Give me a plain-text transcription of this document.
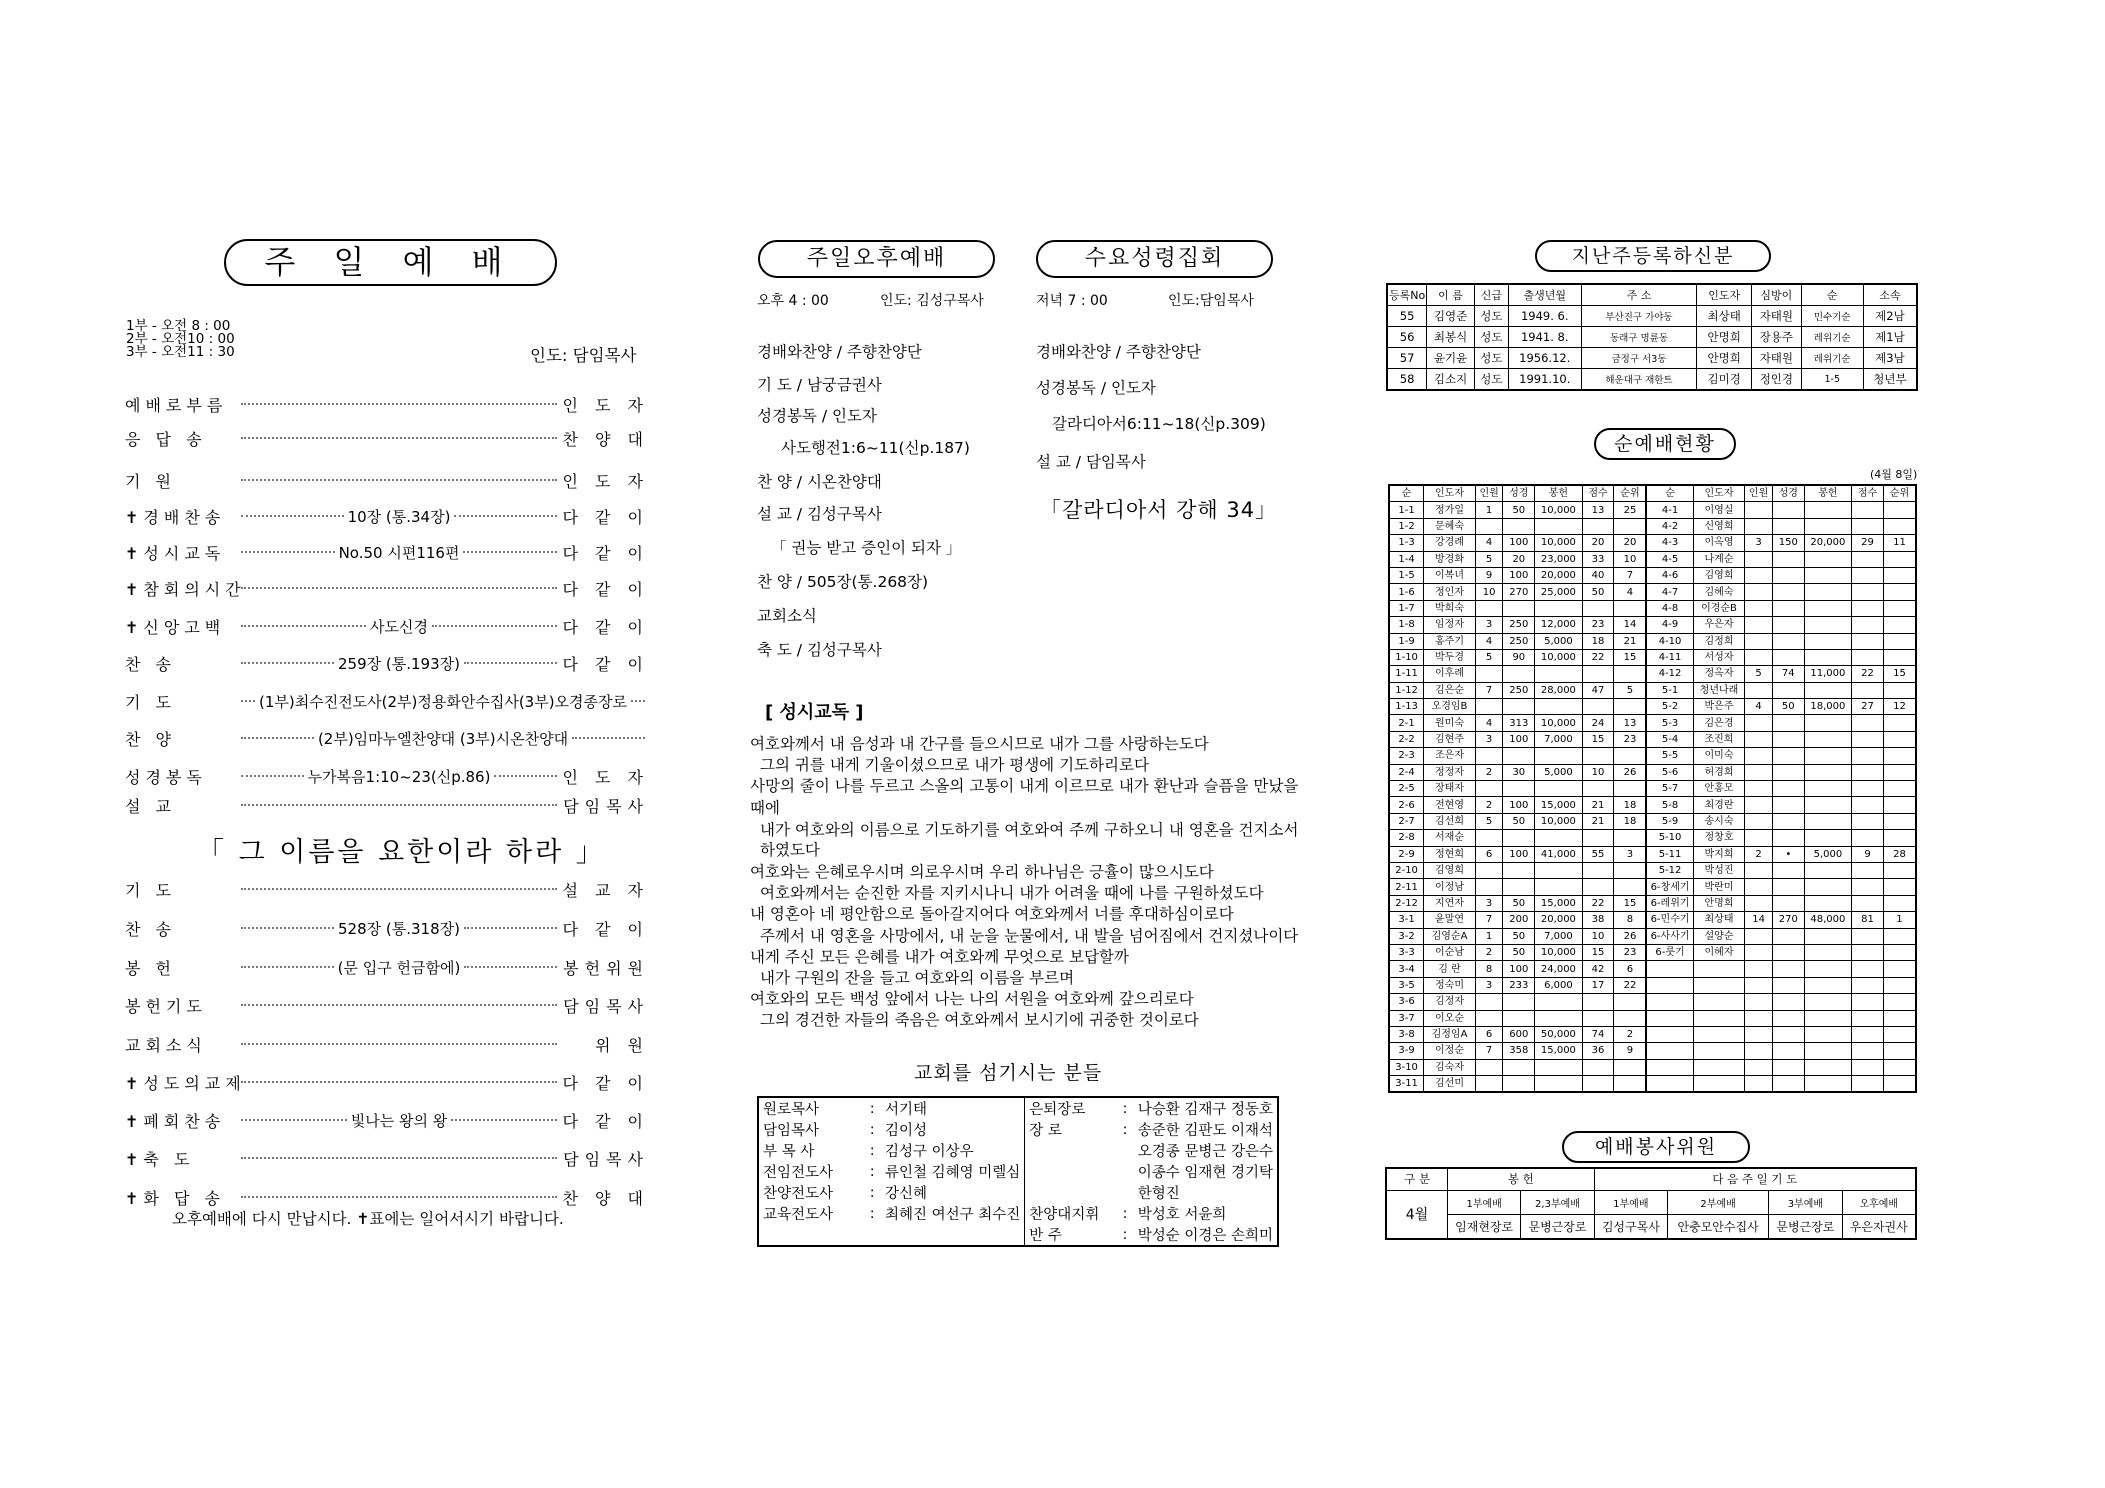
주 일 예 배
1부 - 오전 8 : 00
2부 - 오전10 : 00
3부 - 오전11 : 30	인도: 담임목사
예배로부름	인 도 자
응 답 송	찬 양 대
기 원	인 도 자
✝경배찬송	10장 (통.34장)	다 같 이
✝성시교독	No.50 시편116편	다 같 이
✝참회의시간	다 같 이
✝신앙고백	사도신경	다 같 이
찬 송	259장 (통.193장)	다 같 이
기 도	(1부)최수진전도사(2부)정용화안수집사(3부)오경종장로
찬 양	(2부)임마누엘찬양대 (3부)시온찬양대
성경봉독	누가복음1:10~23(신p.86)	인 도 자
설 교	담임목사
「 그 이름을 요한이라 하라 」
기 도	설 교 자
찬 송	528장 (통.318장)	다 같 이
봉 헌	(문 입구 헌금함에)	봉헌위원
봉헌기도	담임목사
교회소식	위 원
✝성도의교제	다 같 이
✝폐회찬송	빛나는 왕의 왕	다 같 이
✝축 도	담임목사
✝화 답 송	찬 양 대
오후예배에 다시 만납시다. ✝표에는 일어서시기 바랍니다.
주일오후예배	수요성령집회
오후 4 : 00	인도: 김성구목사	저녁 7 : 00	인도:담임목사
경배와찬양 / 주향찬양단
기 도 / 남궁금권사
성경봉독 / 인도자
사도행전1:6~11(신p.187)
찬 양 / 시온찬양대
설 교 / 김성구목사
「 권능 받고 증인이 되자 」
찬 양 / 505장(통.268장)
교회소식
축 도 / 김성구목사
경배와찬양 / 주향찬양단
성경봉독 / 인도자
갈라디아서6:11~18(신p.309)
설 교 / 담임목사
「갈라디아서 강해 34」
[ 성시교독 ]
여호와께서 내 음성과 내 간구를 들으시므로 내가 그를 사랑하는도다
그의 귀를 내게 기울이셨으므로 내가 평생에 기도하리로다
사망의 줄이 나를 두르고 스올의 고통이 내게 이르므로 내가 환난과 슬픔을 만났을
때에
내가 여호와의 이름으로 기도하기를 여호와여 주께 구하오니 내 영혼을 건지소서
하였도다
여호와는 은혜로우시며 의로우시며 우리 하나님은 긍휼이 많으시도다
여호와께서는 순진한 자를 지키시나니 내가 어려울 때에 나를 구원하셨도다
내 영혼아 네 평안함으로 돌아갈지어다 여호와께서 너를 후대하심이로다
주께서 내 영혼을 사망에서, 내 눈을 눈물에서, 내 발을 넘어짐에서 건지셨나이다
내게 주신 모든 은혜를 내가 여호와께 무엇으로 보답할까
내가 구원의 잔을 들고 여호와의 이름을 부르며
여호와의 모든 백성 앞에서 나는 나의 서원을 여호와께 갚으리로다
그의 경건한 자들의 죽음은 여호와께서 보시기에 귀중한 것이로다
교회를 섬기시는 분들
원로목사	:	서기태	은퇴장로	:	나승환 김재구 정동호
담임목사	:	김이성	장 로	:	송준한 김판도 이재석
부 목 사	:	김성구 이상우			오경종 문병근 강은수
전임전도사	:	류인철 김혜영 미렐심			이종수 임재현 경기탁
찬양전도사	:	강신혜			한형진
교육전도사	:	최혜진 여선구 최수진	찬양대지휘	:	박성호 서윤희
			반 주	:	박성순 이경은 손희미
지난주등록하신분
등록No	이 름	신급	출생년월	주 소	인도자	심방이	순	소속
55	김영준	성도	1949. 6.	부산진구 가야동	최상태	자태원	민수기순	제2남
56	최봉식	성도	1941. 8.	동래구 명륜동	안명희	장용주	레위기순	제1남
57	윤기윤	성도	1956.12.	금정구 서3동	안명희	자태원	레위기순	제3남
58	김소지	성도	1991.10.	해운대구 재한트	김미경	정인경	1-5	청년부
순예배현황
(4월 8일)
순	인도자	인원	성경	봉헌	점수	순위	순	인도자	인원	성경	봉헌	점수	순위
1-1	정가일	1	50	10,000	13	25	4-1	이영실					
1-2	문혜숙						4-2	신영희					
1-3	강경례	4	100	10,000	20	20	4-3	이옥영	3	150	20,000	29	11
1-4	방경화	5	20	23,000	33	10	4-5	나계순					
1-5	이복녀	9	100	20,000	40	7	4-6	김영희					
1-6	정인자	10	270	25,000	50	4	4-7	김혜숙					
1-7	박희숙						4-8	이경순B					
1-8	임정자	3	250	12,000	23	14	4-9	우은자					
1-9	홍주기	4	250	5,000	18	21	4-10	김정희					
1-10	박두경	5	90	10,000	22	15	4-11	서성자					
1-11	이후례						4-12	정옥자	5	74	11,000	22	15
1-12	김은순	7	250	28,000	47	5	5-1	청년나래					
1-13	오경임B						5-2	박은주	4	50	18,000	27	12
2-1	원미숙	4	313	10,000	24	13	5-3	김은경					
2-2	김현주	3	100	7,000	15	23	5-4	조진희					
2-3	조은자						5-5	이미숙					
2-4	정정자	2	30	5,000	10	26	5-6	허경희					
2-5	장태자						5-7	안홍모					
2-6	전현영	2	100	15,000	21	18	5-8	최경란					
2-7	김선희	5	50	10,000	21	18	5-9	송시숙					
2-8	서재순						5-10	정창호					
2-9	정현희	6	100	41,000	55	3	5-11	박지희	2	•	5,000	9	28
2-10	김영희						5-12	박성진					
2-11	이정남						6-창세기	박란미					
2-12	지연자	3	50	15,000	22	15	6-레위기	안명희					
3-1	윤말연	7	200	20,000	38	8	6-민수기	최상태	14	270	48,000	81	1
3-2	김영순A	1	50	7,000	10	26	6-사사기	설양순					
3-3	이순남	2	50	10,000	15	23	6-룻기	이혜자					
3-4	김 란	8	100	24,000	42	6							
3-5	정숙미	3	233	6,000	17	22							
3-6	김정자												
3-7	이오순												
3-8	김정임A	6	600	50,000	74	2							
3-9	이정순	7	358	15,000	36	9							
3-10	김숙자												
3-11	김선미												
예배봉사위원
구 분	봉 헌		다 음 주 일 기 도			
4월	1부예배	2,3부예배	1부예배	2부예배	3부예배	오후예배
	임재현장로	문병근장로	김성구목사	안충모안수집사	문병근장로	우은자권사
